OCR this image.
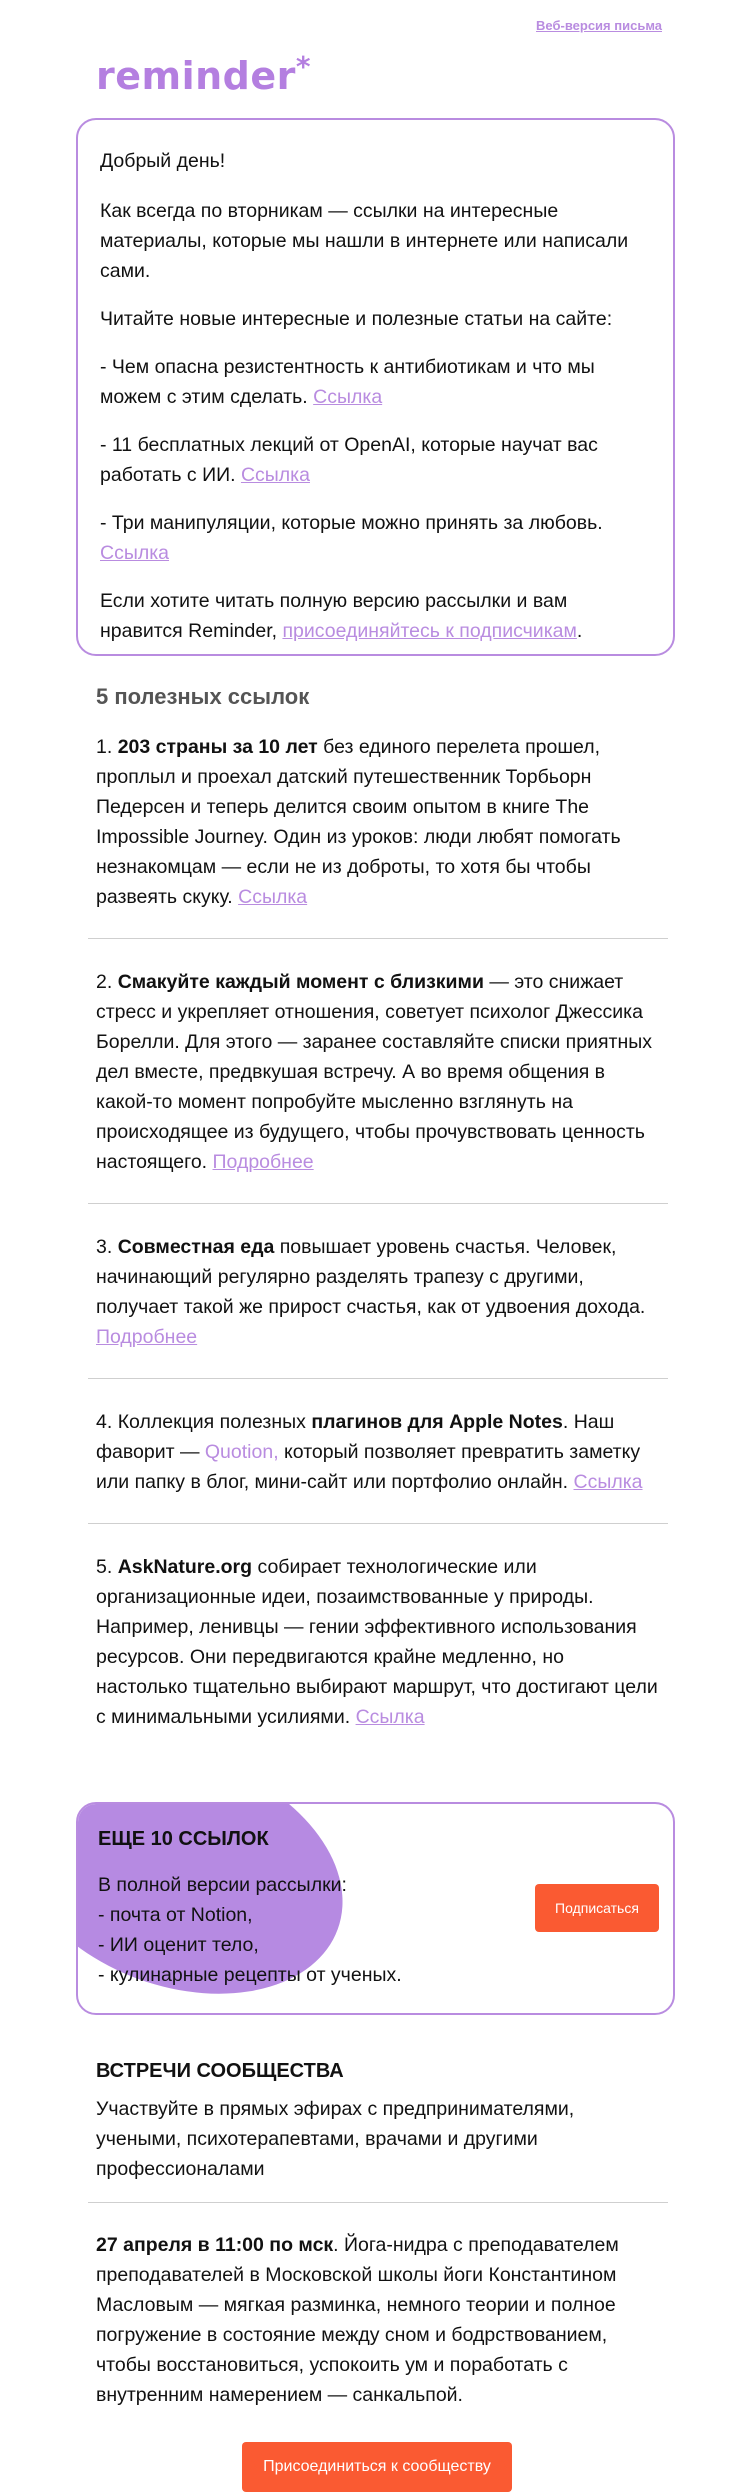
Веб-версия письма
reminder*

Добрый день!

Как всегда по вторникам — ссылки на интересные материалы, которые мы нашли в интернете или написали сами.

Читайте новые интересные и полезные статьи на сайте:

- Чем опасна резистентность к антибиотикам и что мы можем с этим сделать. Ссылка

- 11 бесплатных лекций от OpenAI, которые научат вас работать с ИИ. Ссылка

- Три манипуляции, которые можно принять за любовь. Ссылка

Если хотите читать полную версию рассылки и вам нравится Reminder, присоединяйтесь к подписчикам.

5 полезных ссылок

1. 203 страны за 10 лет без единого перелета прошел, проплыл и проехал датский путешественник Торбьорн Педерсен и теперь делится своим опытом в книге The Impossible Journey. Один из уроков: люди любят помогать незнакомцам — если не из доброты, то хотя бы чтобы развеять скуку. Ссылка

2. Смакуйте каждый момент с близкими — это снижает стресс и укрепляет отношения, советует психолог Джессика Борелли. Для этого — заранее составляйте списки приятных дел вместе, предвкушая встречу. А во время общения в какой-то момент попробуйте мысленно взглянуть на происходящее из будущего, чтобы прочувствовать ценность настоящего. Подробнее

3. Совместная еда повышает уровень счастья. Человек, начинающий регулярно разделять трапезу с другими, получает такой же прирост счастья, как от удвоения дохода. Подробнее

4. Коллекция полезных плагинов для Apple Notes. Наш фаворит — Quotion, который позволяет превратить заметку или папку в блог, мини-сайт или портфолио онлайн. Ссылка

5. AskNature.org собирает технологические или организационные идеи, позаимствованные у природы. Например, ленивцы — гении эффективного использования ресурсов. Они передвигаются крайне медленно, но настолько тщательно выбирают маршрут, что достигают цели с минимальными усилиями. Ссылка

ЕЩЕ 10 ССЫЛОК
В полной версии рассылки:
- почта от Notion,
- ИИ оценит тело,
- кулинарные рецепты от ученых.
Подписаться
ВСТРЕЧИ СООБЩЕСТВА
Участвуйте в прямых эфирах с предпринимателями, учеными, психотерапевтами, врачами и другими профессионалами
27 апреля в 11:00 по мск. Йога-нидра с преподавателем преподавателей в Московской школы йоги Константином Масловым — мягкая разминка, немного теории и полное погружение в состояние между сном и бодрствованием, чтобы восстановиться, успокоить ум и поработать с внутренним намерением — санкальпой.
Присоединиться к сообществу
